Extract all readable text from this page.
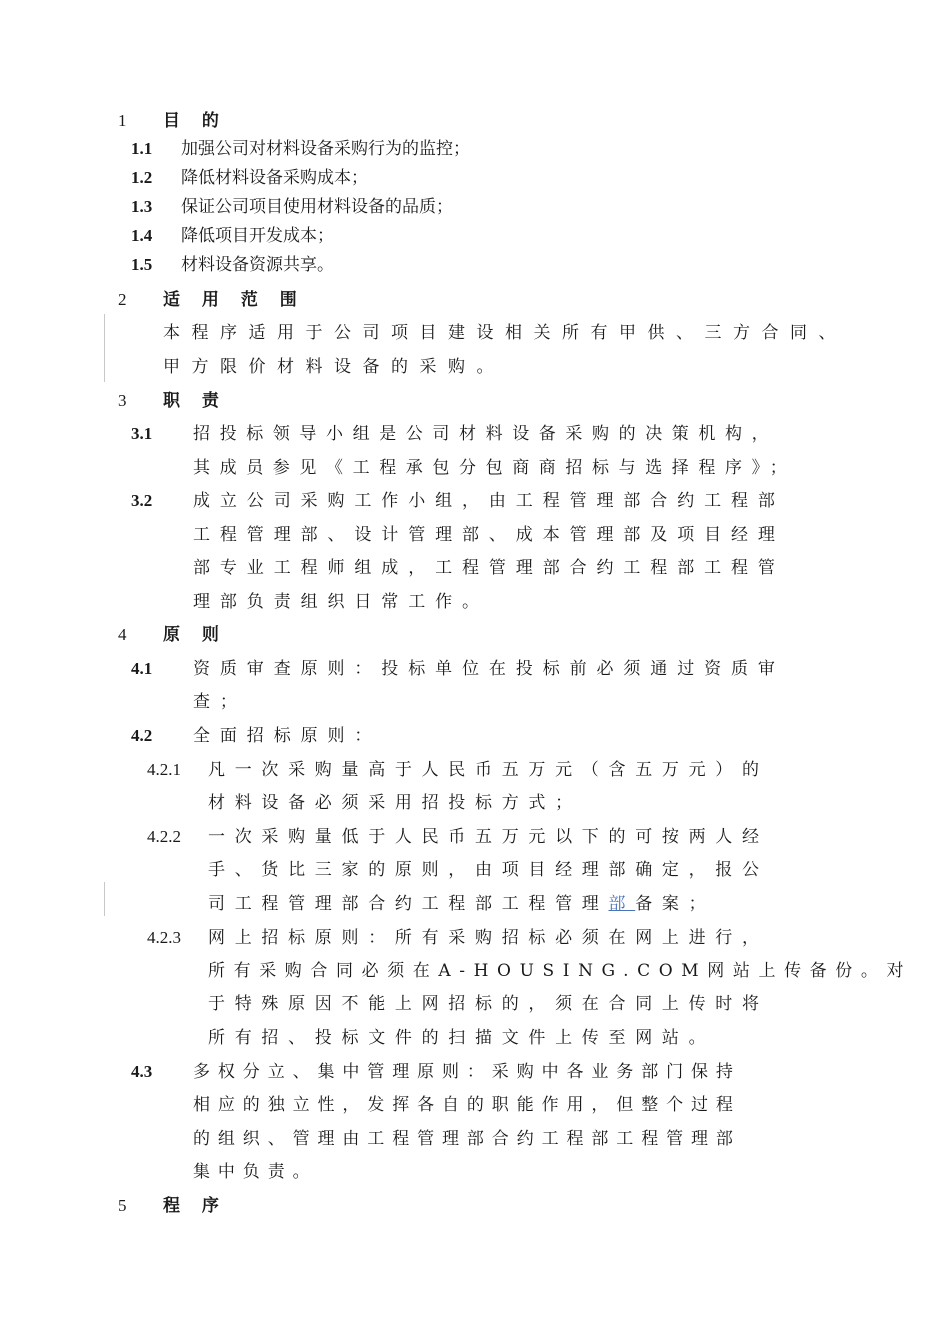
1 目 的
1.1 加强公司对材料设备采购行为的监控；
1.2 降低材料设备采购成本；
1.3 保证公司项目使用材料设备的品质；
1.4 降低项目开发成本；
1.5 材料设备资源共享。
2 适 用 范 围
本程序适用于公司项目建设相关所有甲供、三方合同、
甲方限价材料设备的采购。
3 职 责
3.1 招投标领导小组是公司材料设备采购的决策机构，
其成员参见《工程承包分包商商招标与选择程序》；
3.2 成立公司采购工作小组，由工程管理部合约工程部
工程管理部、设计管理部、成本管理部及项目经理
部专业工程师组成，工程管理部合约工程部工程管
理部负责组织日常工作。
4 原 则
4.1 资质审查原则：投标单位在投标前必须通过资质审
查；
4.2 全面招标原则：
4.2.1 凡一次采购量高于人民币五万元（含五万元）的
材料设备必须采用招投标方式；
4.2.2 一次采购量低于人民币五万元以下的可按两人经
手、货比三家的原则，由项目经理部确定，报公
司工程管理部合约工程部工程管理部备案；
4.2.3 网上招标原则：所有采购招标必须在网上进行，
所有采购合同必须在A-HOUSING.COM网站上传备份。对
于特殊原因不能上网招标的，须在合同上传时将
所有招、投标文件的扫描文件上传至网站。
4.3 多权分立、集中管理原则：采购中各业务部门保持
相应的独立性，发挥各自的职能作用，但整个过程
的组织、管理由工程管理部合约工程部工程管理部
集中负责。
5 程 序
